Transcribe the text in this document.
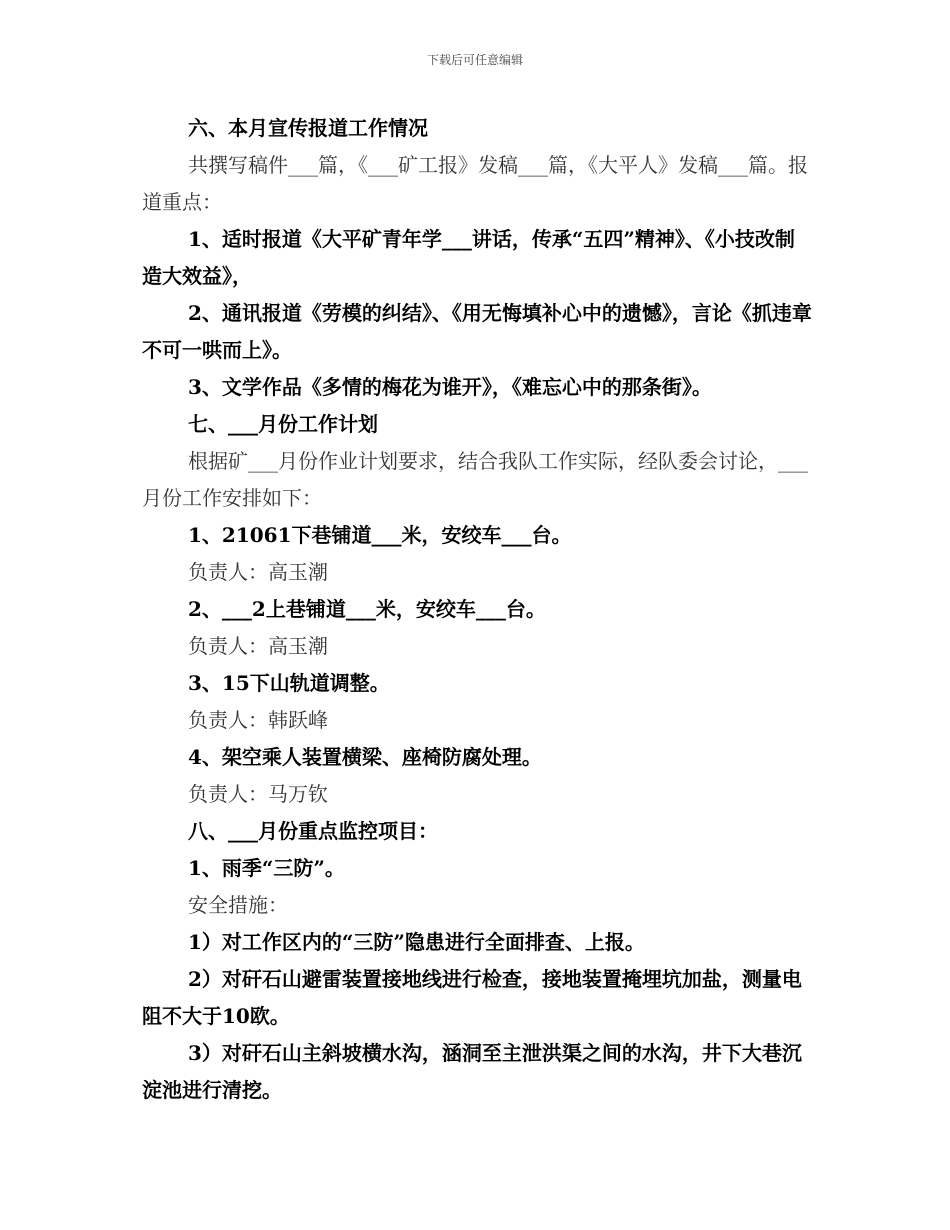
下载后可任意编辑

六、本月宣传报道工作情况

共撰写稿件___篇，《___矿工报》发稿___篇，《大平人》发稿___篇。报道重点：

1、适时报道《大平矿青年学___讲话，传承“五四”精神》、《小技改制造大效益》，

2、通讯报道《劳模的纠结》、《用无悔填补心中的遗憾》，言论《抓违章不可一哄而上》。

3、文学作品《多情的梅花为谁开》，《难忘心中的那条街》。

七、___月份工作计划

根据矿___月份作业计划要求，结合我队工作实际，经队委会讨论，___月份工作安排如下：

1、21061下巷铺道___米，安绞车___台。

负责人：高玉潮

2、___2上巷铺道___米，安绞车___台。

负责人：高玉潮

3、15下山轨道调整。

负责人：韩跃峰

4、架空乘人装置横梁、座椅防腐处理。

负责人：马万钦

八、___月份重点监控项目：

1、雨季“三防”。

安全措施：

1）对工作区内的“三防”隐患进行全面排查、上报。

2）对矸石山避雷装置接地线进行检查，接地装置掩埋坑加盐，测量电阻不大于10欧。

3）对矸石山主斜坡横水沟，涵洞至主泄洪渠之间的水沟，井下大巷沉淀池进行清挖。
